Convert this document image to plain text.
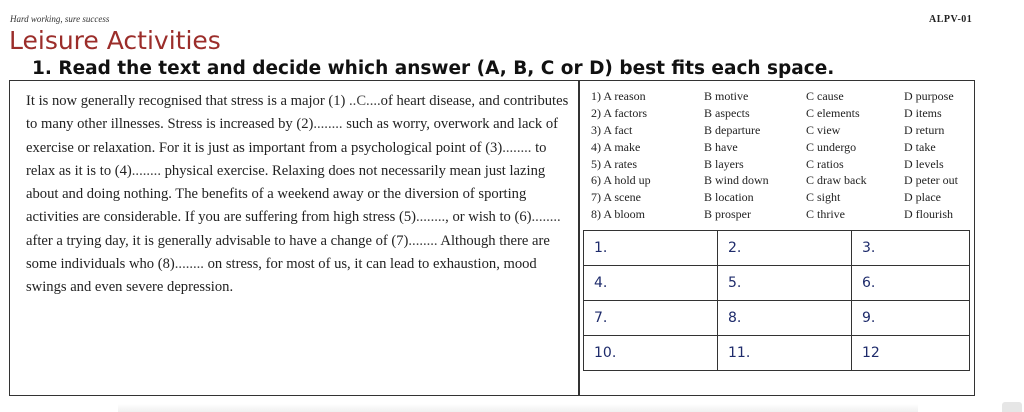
Hard working, sure success	ALPV-01
Leisure Activities
1. Read the text and decide which answer (A, B, C or D) best fits each space.
It is now generally recognised that stress is a major (1) ..C....of heart disease, and contributes to many other illnesses. Stress is increased by (2)........ such as worry, overwork and lack of exercise or relaxation. For it is just as important from a psychological point of (3)........ to relax as it is to (4)........ physical exercise. Relaxing does not necessarily mean just lazing about and doing nothing. The benefits of a weekend away or the diversion of sporting activities are considerable. If you are suffering from high stress (5)........, or wish to (6)........ after a trying day, it is generally advisable to have a change of (7)........ Although there are some individuals who (8)........ on stress, for most of us, it can lead to exhaustion, mood swings and even severe depression.
1) A reason	B motive	C cause	D purpose
2) A factors	B aspects	C elements	D items
3) A fact	B departure	C view	D return
4) A make	B have	C undergo	D take
5) A rates	B layers	C ratios	D levels
6) A hold up	B wind down	C draw back	D peter out
7) A scene	B location	C sight	D place
8) A bloom	B prosper	C thrive	D flourish
1.	2.	3.
4.	5.	6.
7.	8.	9.
10.	11.	12
